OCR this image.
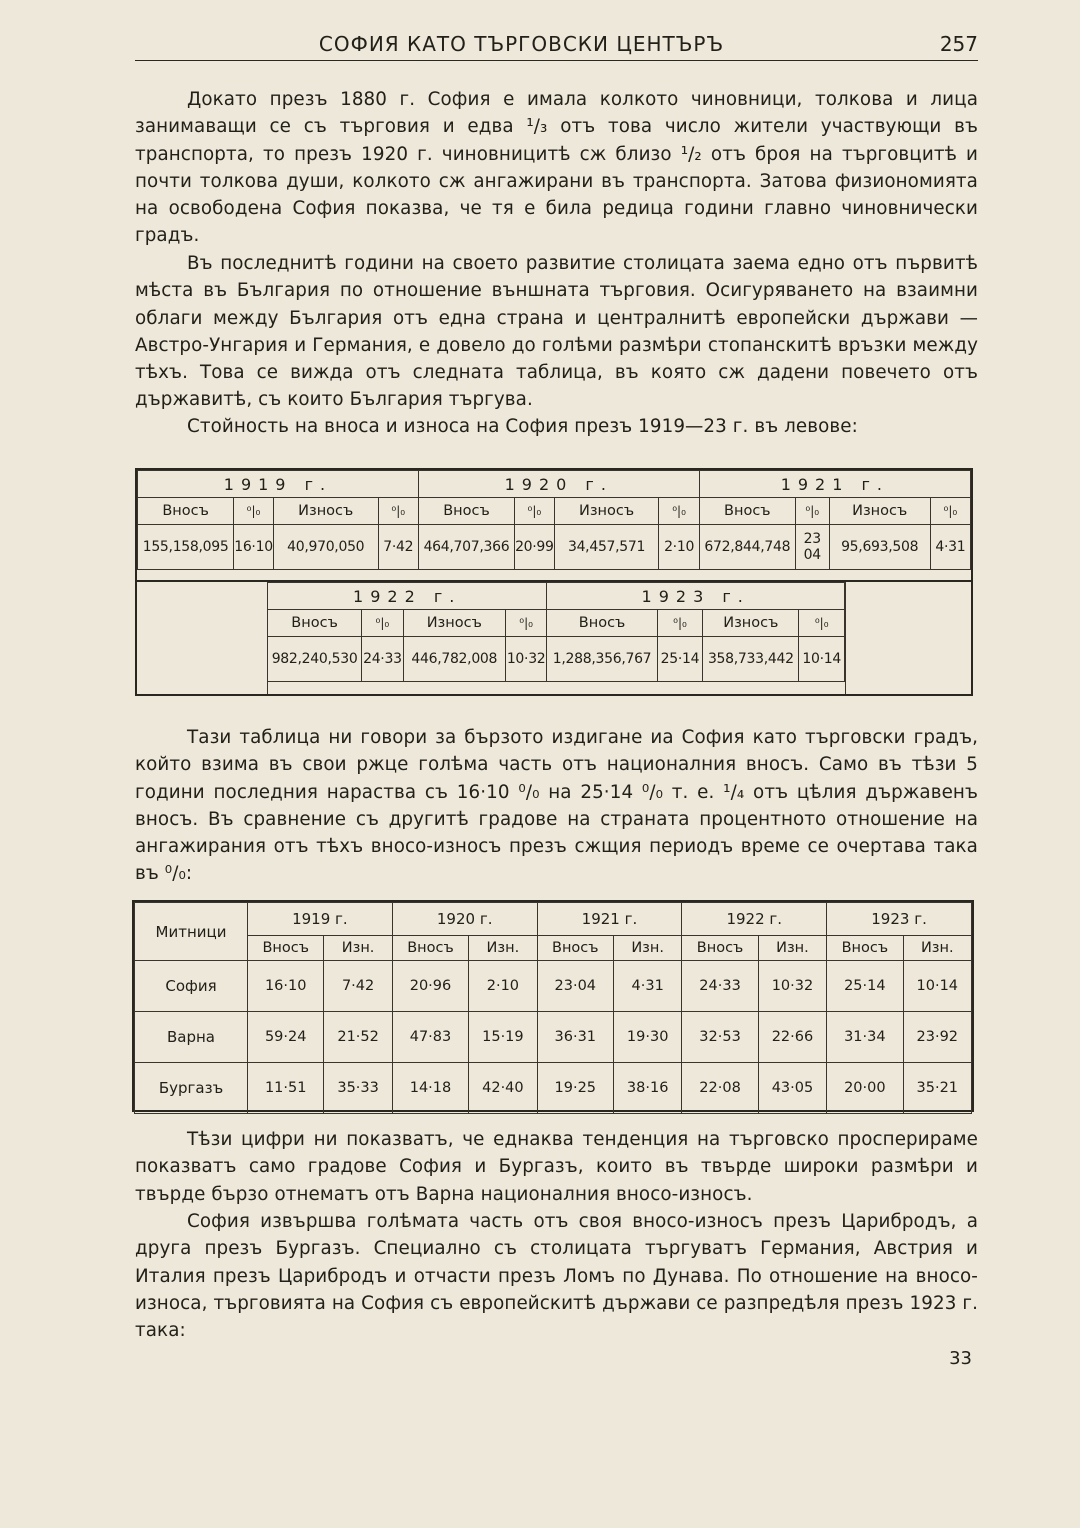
СОФИЯ КАТО ТЪРГОВСКИ ЦЕНТЪРЪ	257

Докато презъ 1880 г. София е имала колкото чиновници, толкова и лица занимаващи се съ търговия и едва ¹/₃ отъ това число жители участвующи въ транспорта, то презъ 1920 г. чиновницитѣ сж близо ¹/₂ отъ броя на търговцитѣ и почти толкова души, колкото сж ангажирани въ транспорта. Затова физиономията на освободена София показва, че тя е била редица години главно чиновнически градъ.

Въ последнитѣ години на своето развитие столицата заема едно отъ първитѣ мѣста въ България по отношение външната търговия. Осигуряването на взаимни облаги между България отъ една страна и централнитѣ европейски държави — Австро-Унгария и Германия, е довело до голѣми размѣри стопанскитѣ връзки между тѣхъ. Това се вижда отъ следната таблица, въ която сж дадени повечето отъ държавитѣ, съ които България търгува.

Стойность на вноса и износа на София презъ 1919—23 г. въ левове:

1919 г.				1920 г.				1921 г.			
Вносъ	⁰|₀	Износъ	⁰|₀	Вносъ	⁰|₀	Износъ	⁰|₀	Вносъ	⁰|₀	Износъ	⁰|₀
155,158,095	16·10	40,970,050	7·42	464,707,366	20·99	34,457,571	2·10	672,844,748	23 04	95,693,508	4·31
1922 г.				1923 г.			
Вносъ	⁰|₀	Износъ	⁰|₀	Вносъ	⁰|₀	Износъ	⁰|₀
982,240,530	24·33	446,782,008	10·32	1,288,356,767	25·14	358,733,442	10·14

Тази таблица ни говори за бързото издигане иа София като търговски градъ, който взима въ свои ржце голѣма часть отъ националния вносъ. Само въ тѣзи 5 години последния нараства съ 16·10 ⁰/₀ на 25·14 ⁰/₀ т. е. ¹/₄ отъ цѣлия държавенъ вносъ. Въ сравнение съ другитѣ градове на страната процентното отношение на ангажирания отъ тѣхъ вносо-износъ презъ сжщия периодъ време се очертава така въ ⁰/₀:

Митници	1919 г.		1920 г.		1921 г.		1922 г.		1923 г.	
	Вносъ	Изн.	Вносъ	Изн.	Вносъ	Изн.	Вносъ	Изн.	Вносъ	Изн.
София	16·10	7·42	20·96	2·10	23·04	4·31	24·33	10·32	25·14	10·14
Варна	59·24	21·52	47·83	15·19	36·31	19·30	32·53	22·66	31·34	23·92
Бургазъ	11·51	35·33	14·18	42·40	19·25	38·16	22·08	43·05	20·00	35·21

Тѣзи цифри ни показватъ, че еднаква тенденция на търговско просперираме показватъ само градове София и Бургазъ, които въ твърде широки размѣри и твърде бързо отнематъ отъ Варна националния вносо-износъ.

София извършва голѣмата часть отъ своя вносо-износъ презъ Царибродъ, а друга презъ Бургазъ. Специално съ столицата търгуватъ Германия, Австрия и Италия презъ Царибродъ и отчасти презъ Ломъ по Дунава. По отношение на вносо-износа, търговията на София съ европейскитѣ държави се разпредѣля презъ 1923 г. така:

33
